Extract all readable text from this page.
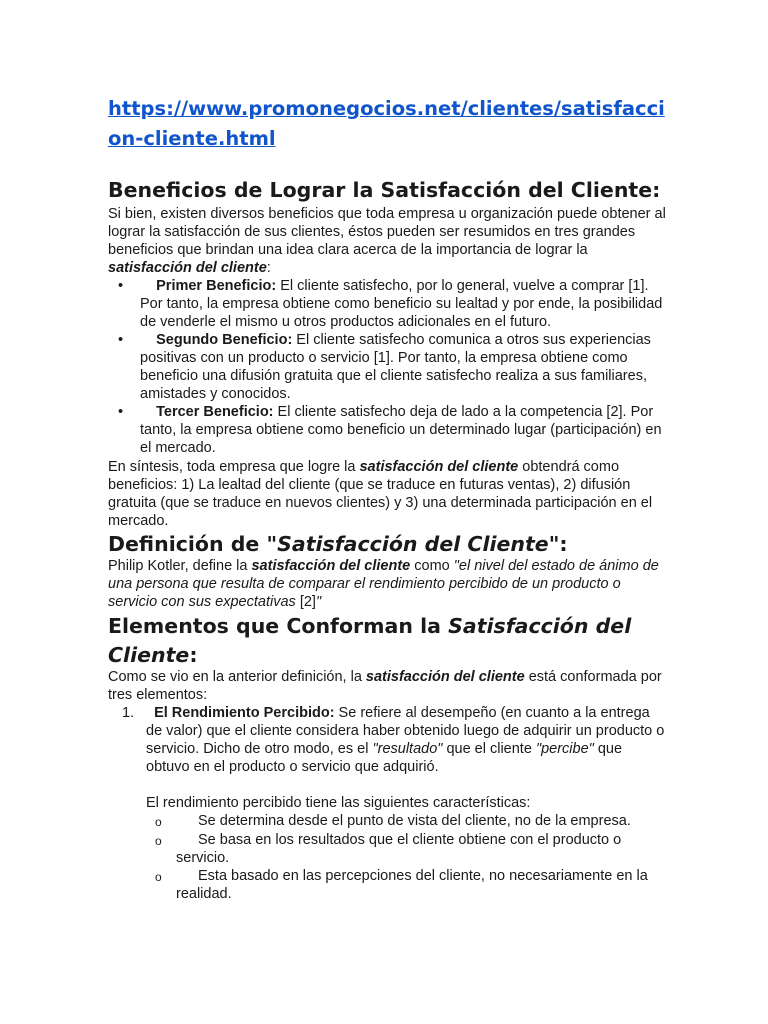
https://www.promonegocios.net/clientes/satisfaccion-cliente.html
Beneficios de Lograr la Satisfacción del Cliente:

Si bien, existen diversos beneficios que toda empresa u organización puede obtener al lograr la satisfacción de sus clientes, éstos pueden ser resumidos en tres grandes beneficios que brindan una idea clara acerca de la importancia de lograr la satisfacción del cliente:

•	Primer Beneficio: El cliente satisfecho, por lo general, vuelve a comprar [1]. Por tanto, la empresa obtiene como beneficio su lealtad y por ende, la posibilidad de venderle el mismo u otros productos adicionales en el futuro.
•	Segundo Beneficio: El cliente satisfecho comunica a otros sus experiencias positivas con un producto o servicio [1]. Por tanto, la empresa obtiene como beneficio una difusión gratuita que el cliente satisfecho realiza a sus familiares, amistades y conocidos.
•	Tercer Beneficio: El cliente satisfecho deja de lado a la competencia [2]. Por tanto, la empresa obtiene como beneficio un determinado lugar (participación) en el mercado.

En síntesis, toda empresa que logre la satisfacción del cliente obtendrá como beneficios: 1) La lealtad del cliente (que se traduce en futuras ventas), 2) difusión gratuita (que se traduce en nuevos clientes) y 3) una determinada participación en el mercado.

Definición de "Satisfacción del Cliente":

Philip Kotler, define la satisfacción del cliente como "el nivel del estado de ánimo de una persona que resulta de comparar el rendimiento percibido de un producto o servicio con sus expectativas [2]"

Elementos que Conforman la Satisfacción del Cliente:

Como se vio en la anterior definición, la satisfacción del cliente está conformada por tres elementos:

1.	El Rendimiento Percibido: Se refiere al desempeño (en cuanto a la entrega de valor) que el cliente considera haber obtenido luego de adquirir un producto o servicio. Dicho de otro modo, es el "resultado" que el cliente "percibe" que obtuvo en el producto o servicio que adquirió.
El rendimiento percibido tiene las siguientes características:
o	Se determina desde el punto de vista del cliente, no de la empresa.
o	Se basa en los resultados que el cliente obtiene con el producto o servicio.
o	Esta basado en las percepciones del cliente, no necesariamente en la realidad.
